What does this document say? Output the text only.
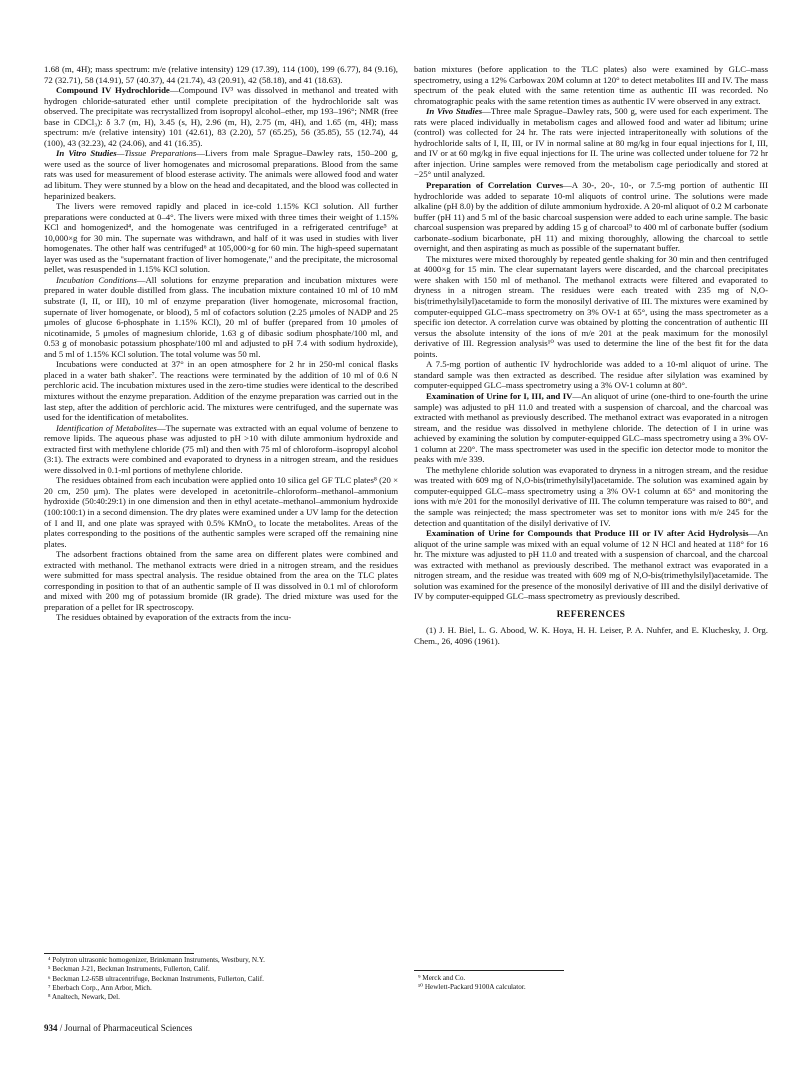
1.68 (m, 4H); mass spectrum: m/e (relative intensity) 129 (17.39), 114 (100), 199 (6.77), 84 (9.16), 72 (32.71), 58 (14.91), 57 (40.37), 44 (21.74), 43 (20.91), 42 (58.18), and 41 (18.63).

Compound IV Hydrochloride—Compound IV³ was dissolved in methanol and treated with hydrogen chloride-saturated ether until complete precipitation of the hydrochloride salt was observed. The precipitate was recrystallized from isopropyl alcohol–ether, mp 193–196°; NMR (free base in CDCl₃): δ 3.7 (m, H), 3.45 (s, H), 2.96 (m, H), 2.75 (m, 4H), and 1.65 (m, 4H); mass spectrum: m/e (relative intensity) 101 (42.61), 83 (2.20), 57 (65.25), 56 (35.85), 55 (12.74), 44 (100), 43 (32.23), 42 (24.06), and 41 (16.35).

In Vitro Studies—Tissue Preparations—Livers from male Sprague–Dawley rats, 150–200 g, were used as the source of liver homogenates and microsomal preparations. Blood from the same rats was used for measurement of blood esterase activity. The animals were allowed food and water ad libitum. They were stunned by a blow on the head and decapitated, and the blood was collected in heparinized beakers.

The livers were removed rapidly and placed in ice-cold 1.15% KCl solution. All further preparations were conducted at 0–4°. The livers were mixed with three times their weight of 1.15% KCl and homogenized⁴, and the homogenate was centrifuged in a refrigerated centrifuge⁵ at 10,000×g for 30 min. The supernate was withdrawn, and half of it was used in studies with liver homogenates. The other half was centrifuged⁶ at 105,000×g for 60 min. The high-speed supernatant layer was used as the "supernatant fraction of liver homogenate," and the precipitate, the microsomal pellet, was resuspended in 1.15% KCl solution.

Incubation Conditions—All solutions for enzyme preparation and incubation mixtures were prepared in water double distilled from glass. The incubation mixture contained 10 ml of 10 mM substrate (I, II, or III), 10 ml of enzyme preparation (liver homogenate, microsomal fraction, supernate of liver homogenate, or blood), 5 ml of cofactors solution (2.25 μmoles of NADP and 25 μmoles of glucose 6-phosphate in 1.15% KCl), 20 ml of buffer (prepared from 10 μmoles of nicotinamide, 5 μmoles of magnesium chloride, 1.63 g of dibasic sodium phosphate/100 ml, and 0.53 g of monobasic potassium phosphate/100 ml and adjusted to pH 7.4 with sodium hydroxide), and 5 ml of 1.15% KCl solution. The total volume was 50 ml.

Incubations were conducted at 37° in an open atmosphere for 2 hr in 250-ml conical flasks placed in a water bath shaker⁷. The reactions were terminated by the addition of 10 ml of 0.6 N perchloric acid. The incubation mixtures used in the zero-time studies were identical to the described mixtures without the enzyme preparation. Addition of the enzyme preparation was carried out in the last step, after the addition of perchloric acid. The mixtures were centrifuged, and the supernate was used for the identification of metabolites.

Identification of Metabolites—The supernate was extracted with an equal volume of benzene to remove lipids. The aqueous phase was adjusted to pH >10 with dilute ammonium hydroxide and extracted first with methylene chloride (75 ml) and then with 75 ml of chloroform–isopropyl alcohol (3:1). The extracts were combined and evaporated to dryness in a nitrogen stream, and the residues were dissolved in 0.1-ml portions of methylene chloride.

The residues obtained from each incubation were applied onto 10 silica gel GF TLC plates⁸ (20 × 20 cm, 250 μm). The plates were developed in acetonitrile–chloroform–methanol–ammonium hydroxide (50:40:29:1) in one dimension and then in ethyl acetate–methanol–ammonium hydroxide (100:100:1) in a second dimension. The dry plates were examined under a UV lamp for the detection of I and II, and one plate was sprayed with 0.5% KMnO₄ to locate the metabolites. Areas of the plates corresponding to the positions of the authentic samples were scraped off the remaining nine plates.

The adsorbent fractions obtained from the same area on different plates were combined and extracted with methanol. The methanol extracts were dried in a nitrogen stream, and the residues were submitted for mass spectral analysis. The residue obtained from the area on the TLC plates corresponding in position to that of an authentic sample of II was dissolved in 0.1 ml of chloroform and mixed with 200 mg of potassium bromide (IR grade). The dried mixture was used for the preparation of a pellet for IR spectroscopy.

The residues obtained by evaporation of the extracts from the incu-

bation mixtures (before application to the TLC plates) also were examined by GLC–mass spectrometry, using a 12% Carbowax 20M column at 120° to detect metabolites III and IV. The mass spectrum of the peak eluted with the same retention time as authentic III was recorded. No chromatographic peaks with the same retention times as authentic IV were observed in any extract.

In Vivo Studies—Three male Sprague–Dawley rats, 500 g, were used for each experiment. The rats were placed individually in metabolism cages and allowed food and water ad libitum; urine (control) was collected for 24 hr. The rats were injected intraperitoneally with solutions of the hydrochloride salts of I, II, III, or IV in normal saline at 80 mg/kg in four equal injections for I, III, and IV or at 60 mg/kg in five equal injections for II. The urine was collected under toluene for 72 hr after injection. Urine samples were removed from the metabolism cage periodically and stored at −25° until analyzed.

Preparation of Correlation Curves—A 30-, 20-, 10-, or 7.5-mg portion of authentic III hydrochloride was added to separate 10-ml aliquots of control urine. The solutions were made alkaline (pH 8.0) by the addition of dilute ammonium hydroxide. A 20-ml aliquot of 0.2 M carbonate buffer (pH 11) and 5 ml of the basic charcoal suspension were added to each urine sample. The basic charcoal suspension was prepared by adding 15 g of charcoal⁹ to 400 ml of carbonate buffer (sodium carbonate–sodium bicarbonate, pH 11) and mixing thoroughly, allowing the charcoal to settle overnight, and then aspirating as much as possible of the supernatant buffer.

The mixtures were mixed thoroughly by repeated gentle shaking for 30 min and then centrifuged at 4000×g for 15 min. The clear supernatant layers were discarded, and the charcoal precipitates were shaken with 150 ml of methanol. The methanol extracts were filtered and evaporated to dryness in a nitrogen stream. The residues were each treated with 235 mg of N,O-bis(trimethylsilyl)acetamide to form the monosilyl derivative of III. The mixtures were examined by computer-equipped GLC–mass spectrometry on 3% OV-1 at 65°, using the mass spectrometer as a specific ion detector. A correlation curve was obtained by plotting the concentration of authentic III versus the absolute intensity of the ions of m/e 201 at the peak maximum for the monosilyl derivative of III. Regression analysis¹⁰ was used to determine the line of the best fit for the data points.

A 7.5-mg portion of authentic IV hydrochloride was added to a 10-ml aliquot of urine. The standard sample was then extracted as described. The residue after silylation was examined by computer-equipped GLC–mass spectrometry using a 3% OV-1 column at 80°.

Examination of Urine for I, III, and IV—An aliquot of urine (one-third to one-fourth the urine sample) was adjusted to pH 11.0 and treated with a suspension of charcoal, and the charcoal was extracted with methanol as previously described. The methanol extract was evaporated in a nitrogen stream, and the residue was dissolved in methylene chloride. The detection of I in urine was achieved by examining the solution by computer-equipped GLC–mass spectrometry using a 3% OV-1 column at 220°. The mass spectrometer was used in the specific ion detector mode to monitor the peaks with m/e 339.

The methylene chloride solution was evaporated to dryness in a nitrogen stream, and the residue was treated with 609 mg of N,O-bis(trimethylsilyl)acetamide. The solution was examined again by computer-equipped GLC–mass spectrometry using a 3% OV-1 column at 65° and monitoring the ions with m/e 201 for the monosilyl derivative of III. The column temperature was raised to 80°, and the sample was reinjected; the mass spectrometer was set to monitor ions with m/e 245 for the detection and quantitation of the disilyl derivative of IV.

Examination of Urine for Compounds that Produce III or IV after Acid Hydrolysis—An aliquot of the urine sample was mixed with an equal volume of 12 N HCl and heated at 118° for 16 hr. The mixture was adjusted to pH 11.0 and treated with a suspension of charcoal, and the charcoal was extracted with methanol as previously described. The methanol extract was evaporated in a nitrogen stream, and the residue was treated with 609 mg of N,O-bis(trimethylsilyl)acetamide. The solution was examined for the presence of the monosilyl derivative of III and the disilyl derivative of IV by computer-equipped GLC–mass spectrometry as previously described.

REFERENCES

(1) J. H. Biel, L. G. Abood, W. K. Hoya, H. H. Leiser, P. A. Nuhfer, and E. Kluchesky, J. Org. Chem., 26, 4096 (1961).

⁴ Polytron ultrasonic homogenizer, Brinkmann Instruments, Westbury, N.Y.
⁵ Beckman J-21, Beckman Instruments, Fullerton, Calif.
⁶ Beckman L2-65B ultracentrifuge, Beckman Instruments, Fullerton, Calif.
⁷ Eberbach Corp., Ann Arbor, Mich.
⁸ Analtech, Newark, Del.
⁹ Merck and Co.
¹⁰ Hewlett-Packard 9100A calculator.
934 / Journal of Pharmaceutical Sciences
